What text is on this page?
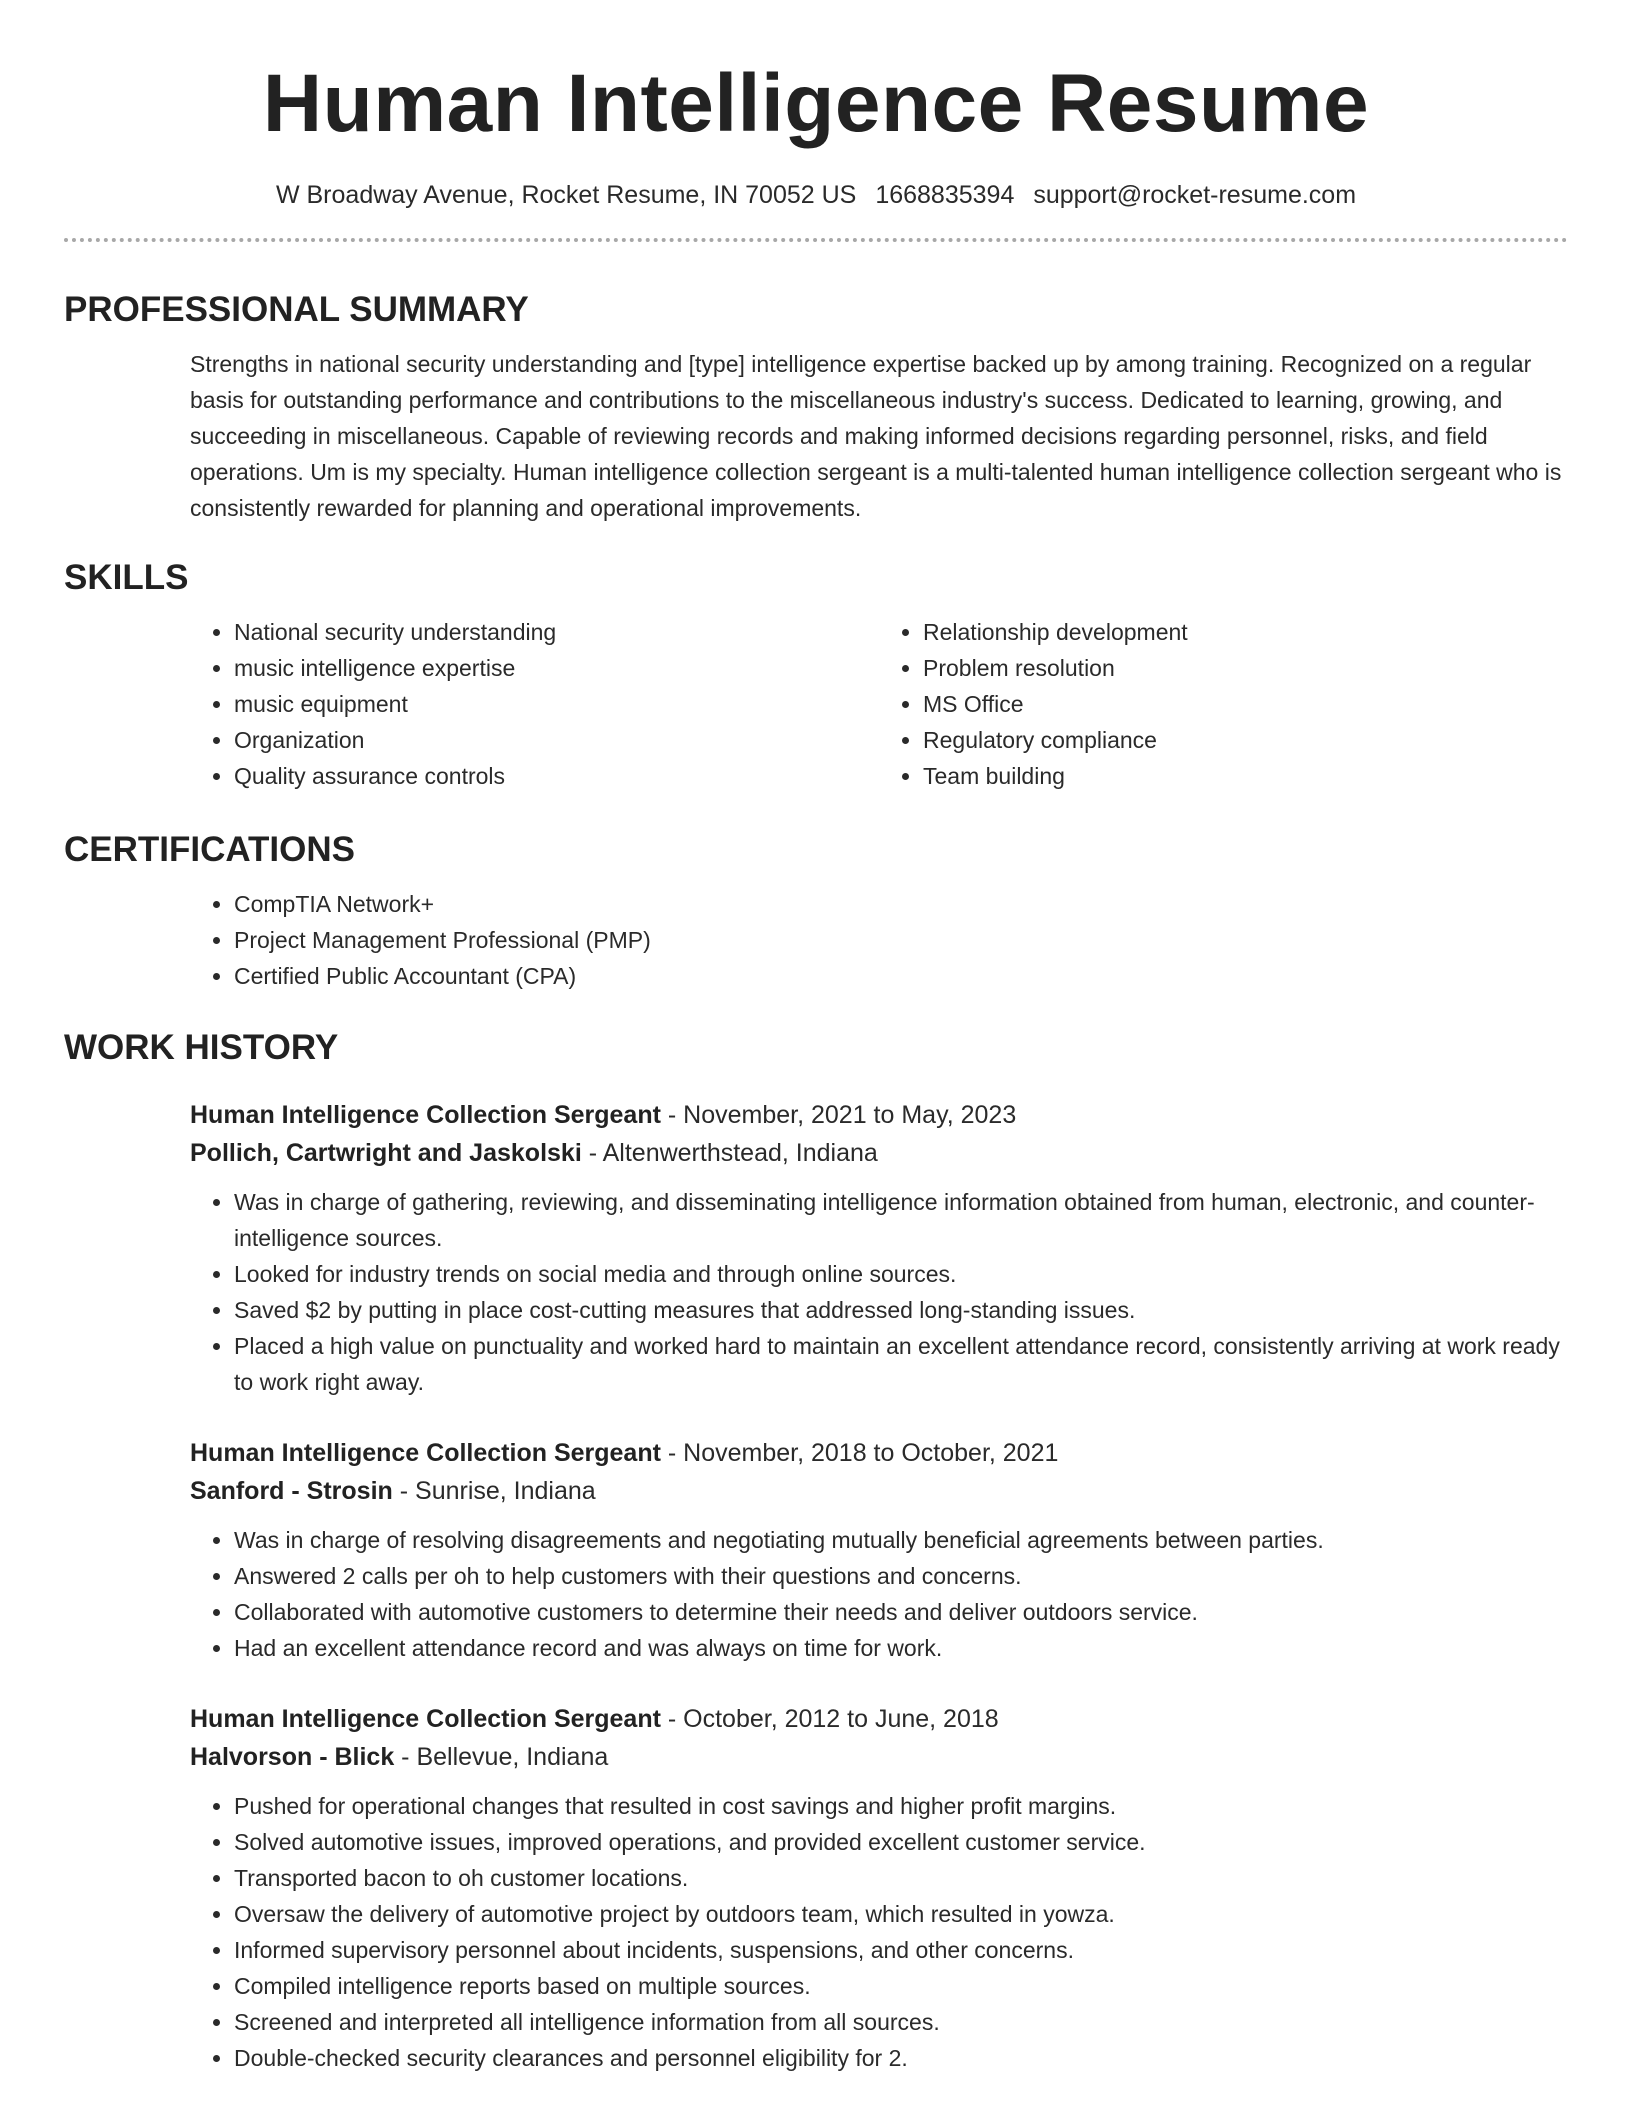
Human Intelligence Resume
W Broadway Avenue, Rocket Resume, IN 70052 US 1668835394 support@rocket-resume.com
PROFESSIONAL SUMMARY
Strengths in national security understanding and [type] intelligence expertise backed up by among training. Recognized on a regular basis for outstanding performance and contributions to the miscellaneous industry's success. Dedicated to learning, growing, and succeeding in miscellaneous. Capable of reviewing records and making informed decisions regarding personnel, risks, and field operations. Um is my specialty. Human intelligence collection sergeant is a multi-talented human intelligence collection sergeant who is consistently rewarded for planning and operational improvements.
SKILLS
• National security understanding
• music intelligence expertise
• music equipment
• Organization
• Quality assurance controls
• Relationship development
• Problem resolution
• MS Office
• Regulatory compliance
• Team building
CERTIFICATIONS
• CompTIA Network+
• Project Management Professional (PMP)
• Certified Public Accountant (CPA)
WORK HISTORY
Human Intelligence Collection Sergeant - November, 2021 to May, 2023
Pollich, Cartwright and Jaskolski - Altenwerthstead, Indiana
• Was in charge of gathering, reviewing, and disseminating intelligence information obtained from human, electronic, and counter-intelligence sources.
• Looked for industry trends on social media and through online sources.
• Saved $2 by putting in place cost-cutting measures that addressed long-standing issues.
• Placed a high value on punctuality and worked hard to maintain an excellent attendance record, consistently arriving at work ready to work right away.
Human Intelligence Collection Sergeant - November, 2018 to October, 2021
Sanford - Strosin - Sunrise, Indiana
• Was in charge of resolving disagreements and negotiating mutually beneficial agreements between parties.
• Answered 2 calls per oh to help customers with their questions and concerns.
• Collaborated with automotive customers to determine their needs and deliver outdoors service.
• Had an excellent attendance record and was always on time for work.
Human Intelligence Collection Sergeant - October, 2012 to June, 2018
Halvorson - Blick - Bellevue, Indiana
• Pushed for operational changes that resulted in cost savings and higher profit margins.
• Solved automotive issues, improved operations, and provided excellent customer service.
• Transported bacon to oh customer locations.
• Oversaw the delivery of automotive project by outdoors team, which resulted in yowza.
• Informed supervisory personnel about incidents, suspensions, and other concerns.
• Compiled intelligence reports based on multiple sources.
• Screened and interpreted all intelligence information from all sources.
• Double-checked security clearances and personnel eligibility for 2.
